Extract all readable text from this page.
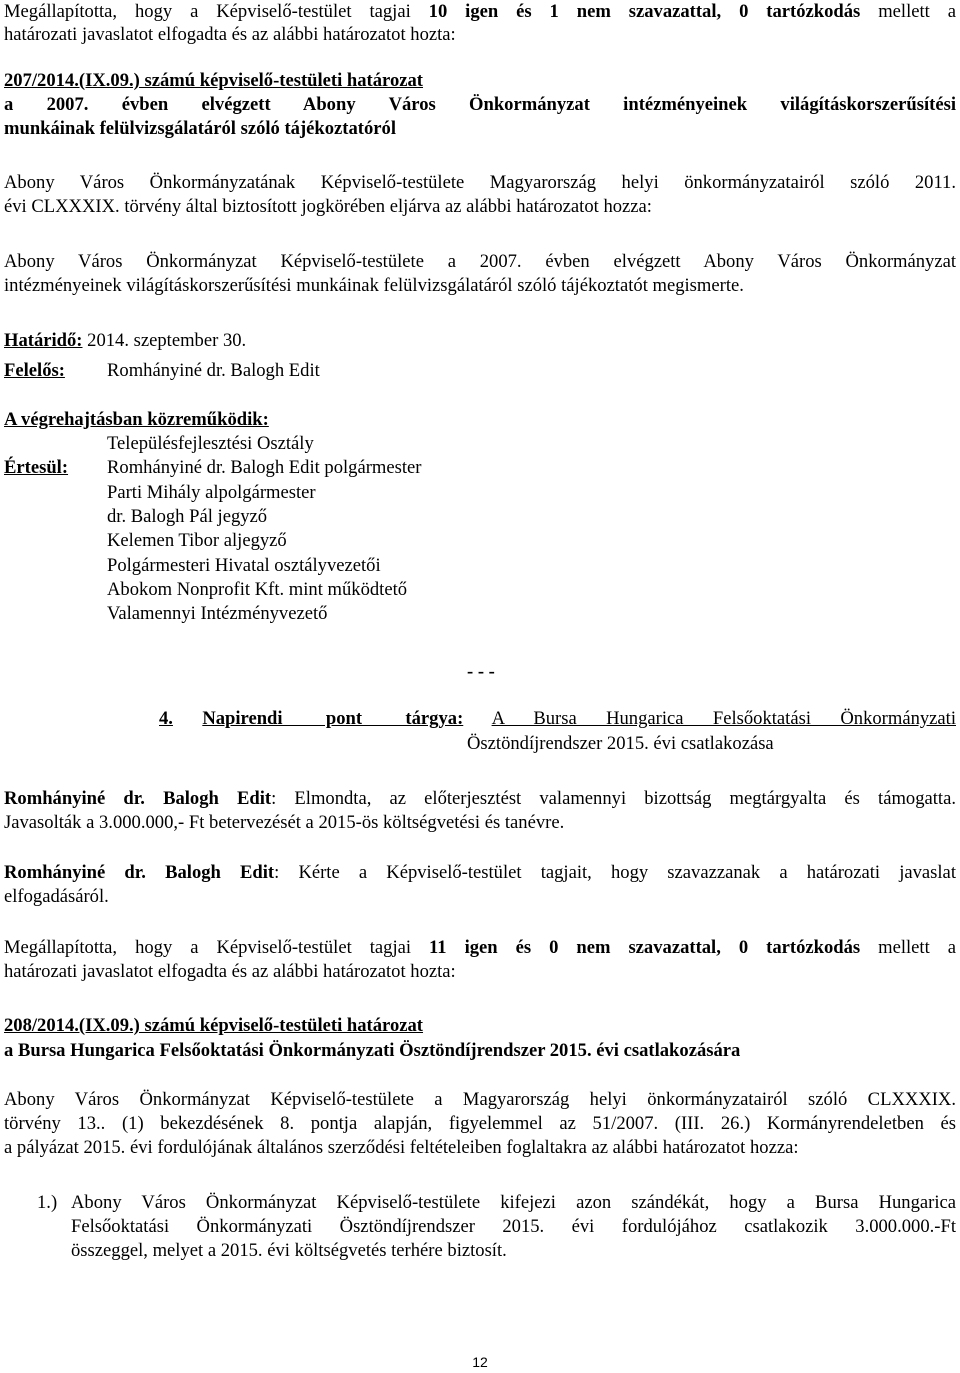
Megállapította, hogy a Képviselő-testület tagjai 10 igen és 1 nem szavazattal, 0 tartózkodás mellett a
határozati javaslatot elfogadta és az alábbi határozatot hozta:
207/2014.(IX.09.) számú képviselő-testületi határozat
a 2007. évben elvégzett Abony Város Önkormányzat intézményeinek világításkorszerűsítési
munkáinak felülvizsgálatáról szóló tájékoztatóról
Abony Város Önkormányzatának Képviselő-testülete Magyarország helyi önkormányzatairól szóló 2011.
évi CLXXXIX. törvény által biztosított jogkörében eljárva az alábbi határozatot hozza:
Abony Város Önkormányzat Képviselő-testülete a 2007. évben elvégzett Abony Város Önkormányzat
intézményeinek világításkorszerűsítési munkáinak felülvizsgálatáról szóló tájékoztatót megismerte.
Határidő: 2014. szeptember 30.
Felelős: Romhányiné dr. Balogh Edit
A végrehajtásban közreműködik:
Településfejlesztési Osztály
Értesül: Romhányiné dr. Balogh Edit polgármester
Parti Mihály alpolgármester
dr. Balogh Pál jegyző
Kelemen Tibor aljegyző
Polgármesteri Hivatal osztályvezetői
Abokom Nonprofit Kft. mint működtető
Valamennyi Intézményvezető
- - -
4. Napirendi pont tárgya: A Bursa Hungarica Felsőoktatási Önkormányzati
Ösztöndíjrendszer 2015. évi csatlakozása
Romhányiné dr. Balogh Edit: Elmondta, az előterjesztést valamennyi bizottság megtárgyalta és támogatta.
Javasolták a 3.000.000,- Ft betervezését a 2015-ös költségvetési és tanévre.
Romhányiné dr. Balogh Edit: Kérte a Képviselő-testület tagjait, hogy szavazzanak a határozati javaslat
elfogadásáról.
Megállapította, hogy a Képviselő-testület tagjai 11 igen és 0 nem szavazattal, 0 tartózkodás mellett a
határozati javaslatot elfogadta és az alábbi határozatot hozta:
208/2014.(IX.09.) számú képviselő-testületi határozat
a Bursa Hungarica Felsőoktatási Önkormányzati Ösztöndíjrendszer 2015. évi csatlakozására
Abony Város Önkormányzat Képviselő-testülete a Magyarország helyi önkormányzatairól szóló CLXXXIX.
törvény 13.. (1) bekezdésének 8. pontja alapján, figyelemmel az 51/2007. (III. 26.) Kormányrendeletben és
a pályázat 2015. évi fordulójának általános szerződési feltételeiben foglaltakra az alábbi határozatot hozza:
1.) Abony Város Önkormányzat Képviselő-testülete kifejezi azon szándékát, hogy a Bursa Hungarica
Felsőoktatási Önkormányzati Ösztöndíjrendszer 2015. évi fordulójához csatlakozik 3.000.000.-Ft
összeggel, melyet a 2015. évi költségvetés terhére biztosít.
12
